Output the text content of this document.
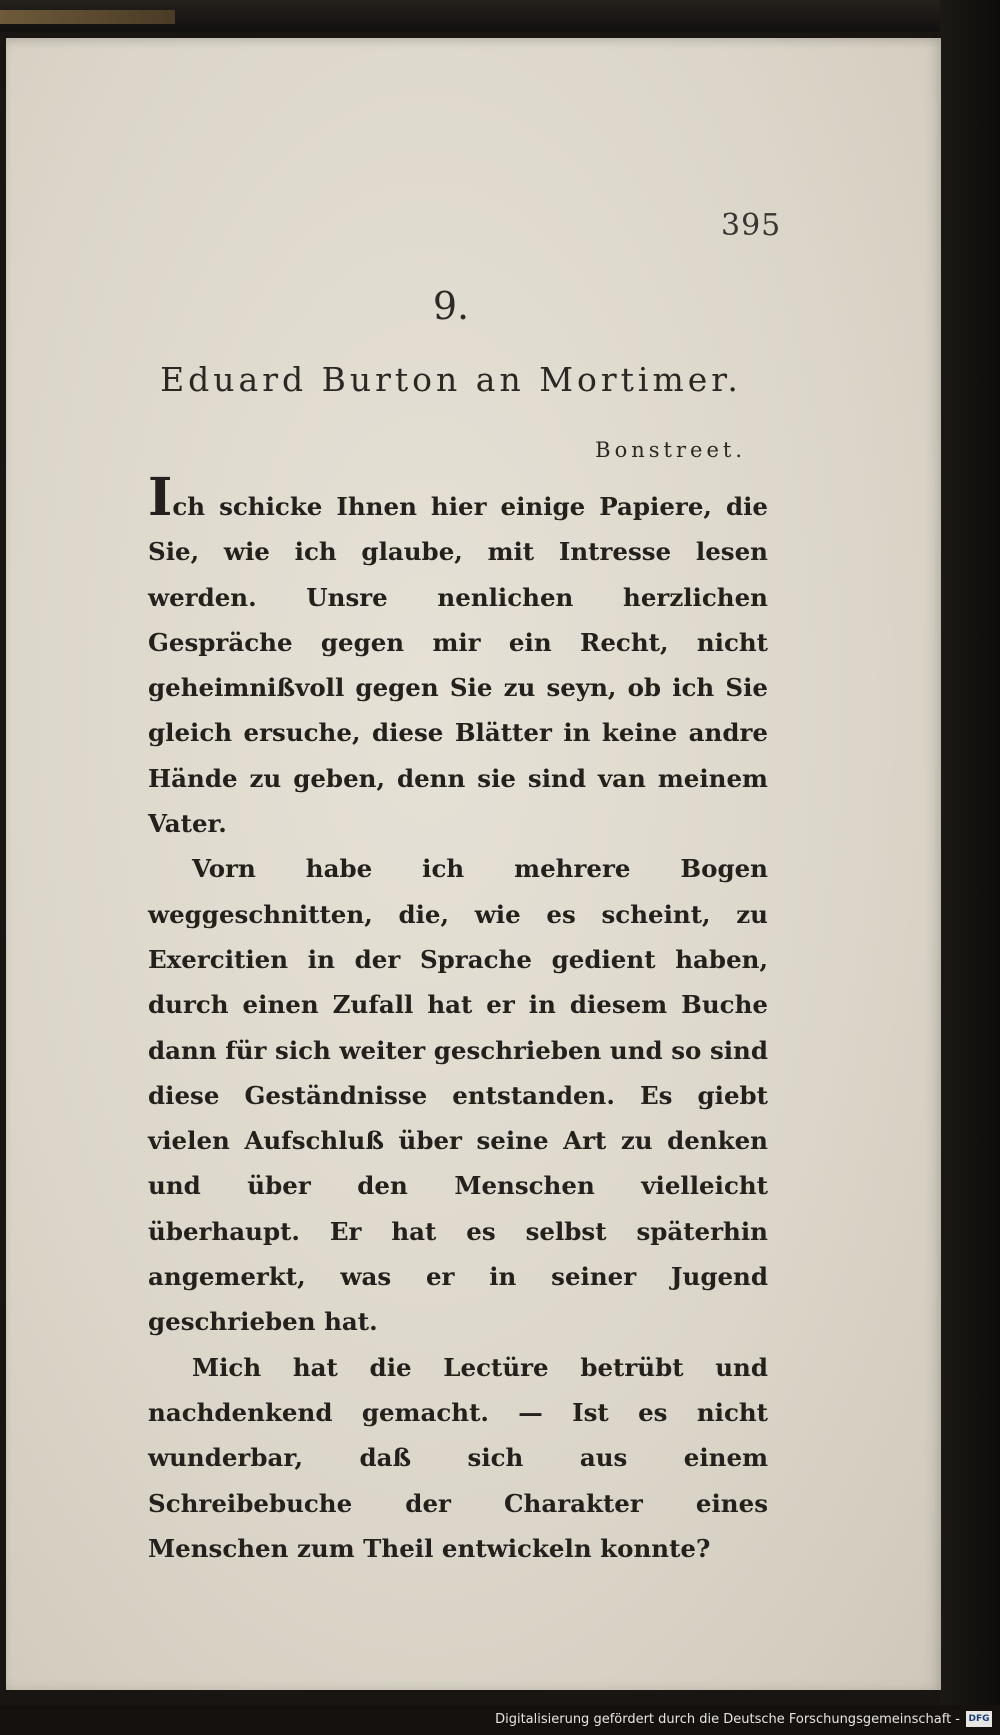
395
9.
Eduard Burton an Mortimer.
Bonstreet.

Ich schicke Ihnen hier einige Papiere, die Sie, wie ich glaube, mit Intresse lesen werden. Unsre nenlichen herzlichen Gespräche gegen mir ein Recht, nicht geheimnißvoll gegen Sie zu seyn, ob ich Sie gleich ersuche, diese Blätter in keine andre Hände zu geben, denn sie sind van meinem Vater.

Vorn habe ich mehrere Bogen weggeschnitten, die, wie es scheint, zu Exercitien in der Sprache gedient haben, durch einen Zufall hat er in diesem Buche dann für sich weiter geschrieben und so sind diese Geständnisse entstanden. Es giebt vielen Aufschluß über seine Art zu denken und über den Menschen vielleicht überhaupt. Er hat es selbst späterhin angemerkt, was er in seiner Jugend geschrieben hat.

Mich hat die Lectüre betrübt und nachdenkend gemacht. — Ist es nicht wunderbar, daß sich aus einem Schreibebuche der Charakter eines Menschen zum Theil entwickeln konnte?

Digitalisierung gefördert durch die Deutsche Forschungsgemeinschaft - DFG
